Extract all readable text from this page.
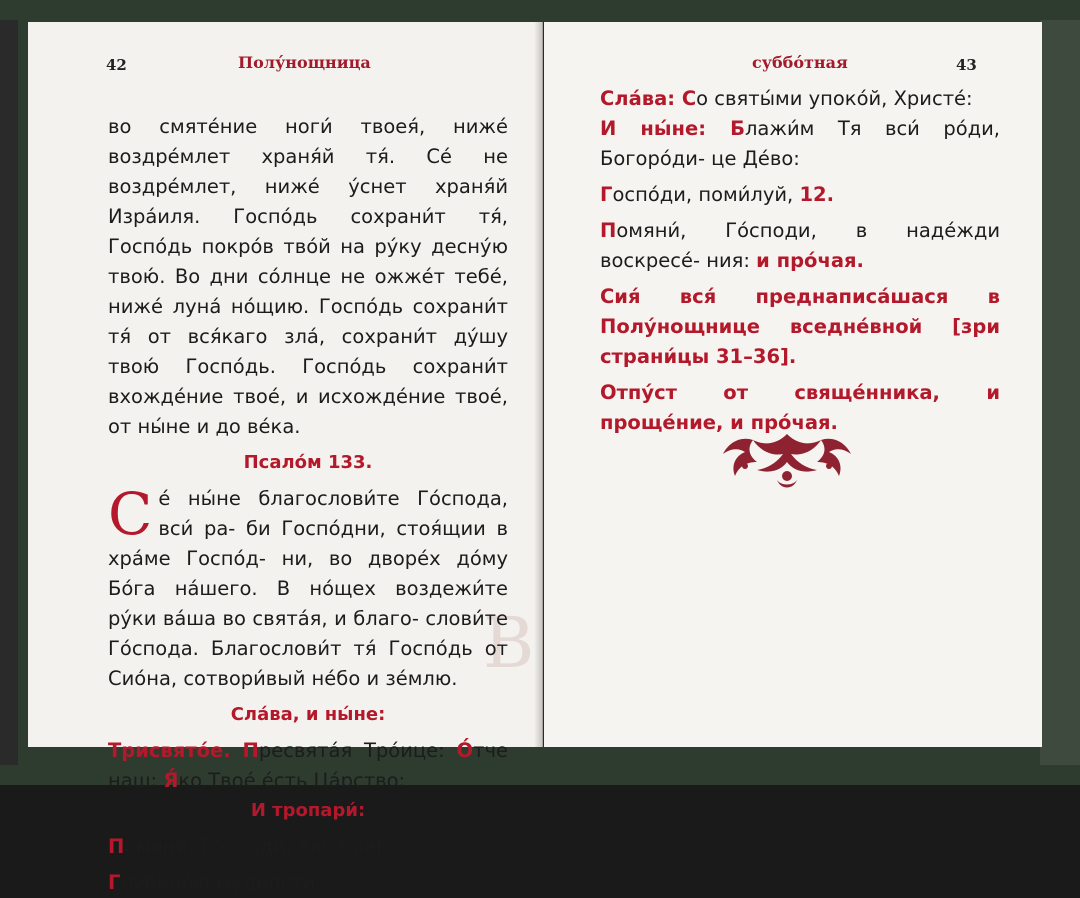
В
42	Полу́нощница

во смяте́ние ноги́ твоея́, ниже́ воздре́млет храня́й тя́. Се́ не воздре́млет, ниже́ у́снет храня́й Изра́иля. Госпо́дь сохрани́т тя́, Госпо́дь покро́в тво́й на ру́ку десну́ю твою́. Во дни со́лнце не ожже́т тебе́, ниже́ луна́ но́щию. Госпо́дь сохрани́т тя́ от вся́каго зла́, сохрани́т ду́шу твою́ Госпо́дь. Госпо́дь сохрани́т вхожде́ние твое́, и исхожде́ние твое́, от ны́не и до ве́ка.

Псало́м 133.

Се́ ны́не благослови́те Го́спода, вси́ ра- би Госпо́дни, стоя́щии в хра́ме Госпо́д- ни, во дворе́х до́му Бо́га на́шего. В но́щех воздежи́те ру́ки ва́ша во свята́я, и благо- слови́те Го́спода. Благослови́т тя́ Госпо́дь от Сио́на, сотвори́вый не́бо и зе́млю.

Сла́ва, и ны́не:

Трисвято́е. Пресвята́я Тро́ице: О́тче наш: Я́ко Твое́ е́сть Ца́рство:

И тропари́:

Помяни́, Го́споди, я́ко бла́г:

Глубино́ю му́дрости:

суббо́тная	43

Сла́ва: Со святы́ми упоко́й, Христе́:

И ны́не: Блажи́м Тя вси́ ро́ди, Богоро́ди- це Де́во:

Госпо́ди, поми́луй, 12.

Помяни́, Го́споди, в наде́жди воскресе́- ния: и про́чая.

Сия́ вся́ преднаписа́шася в Полу́нощнице вседне́вной [зри страни́цы 31–36].

Отпу́ст от свяще́нника, и проще́ние, и про́чая.
